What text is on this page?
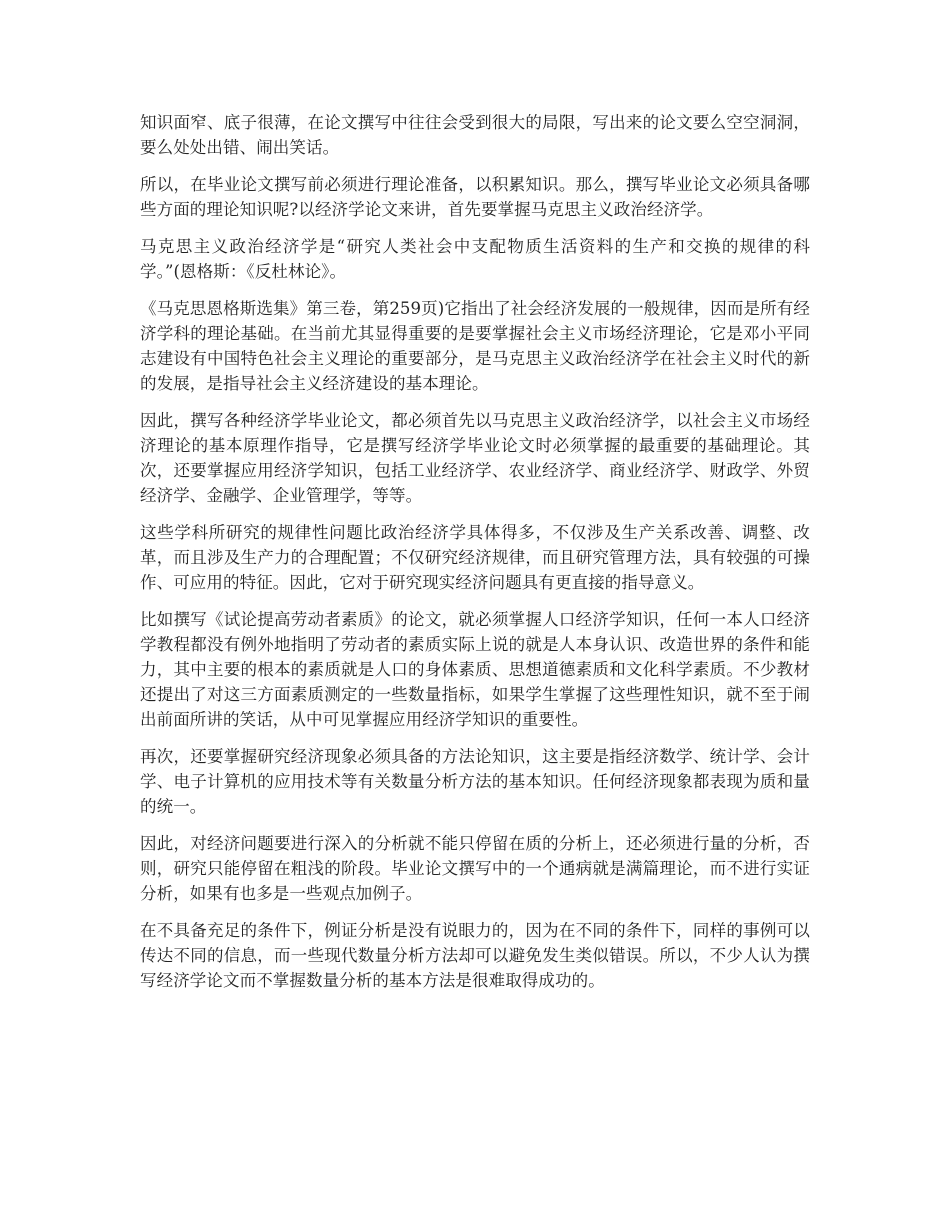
知识面窄、底子很薄，在论文撰写中往往会受到很大的局限，写出来的论文要么空空洞洞，要么处处出错、闹出笑话。

所以，在毕业论文撰写前必须进行理论准备，以积累知识。那么，撰写毕业论文必须具备哪些方面的理论知识呢?以经济学论文来讲，首先要掌握马克思主义政治经济学。

马克思主义政治经济学是“研究人类社会中支配物质生活资料的生产和交换的规律的科学。”(恩格斯：《反杜林论》。

《马克思恩格斯选集》第三卷，第259页)它指出了社会经济发展的一般规律，因而是所有经济学科的理论基础。在当前尤其显得重要的是要掌握社会主义市场经济理论，它是邓小平同志建设有中国特色社会主义理论的重要部分，是马克思主义政治经济学在社会主义时代的新的发展，是指导社会主义经济建设的基本理论。

因此，撰写各种经济学毕业论文，都必须首先以马克思主义政治经济学，以社会主义市场经济理论的基本原理作指导，它是撰写经济学毕业论文时必须掌握的最重要的基础理论。其次，还要掌握应用经济学知识，包括工业经济学、农业经济学、商业经济学、财政学、外贸经济学、金融学、企业管理学，等等。

这些学科所研究的规律性问题比政治经济学具体得多，不仅涉及生产关系改善、调整、改革，而且涉及生产力的合理配置；不仅研究经济规律，而且研究管理方法，具有较强的可操作、可应用的特征。因此，它对于研究现实经济问题具有更直接的指导意义。

比如撰写《试论提高劳动者素质》的论文，就必须掌握人口经济学知识，任何一本人口经济学教程都没有例外地指明了劳动者的素质实际上说的就是人本身认识、改造世界的条件和能力，其中主要的根本的素质就是人口的身体素质、思想道德素质和文化科学素质。不少教材还提出了对这三方面素质测定的一些数量指标，如果学生掌握了这些理性知识，就不至于闹出前面所讲的笑话，从中可见掌握应用经济学知识的重要性。

再次，还要掌握研究经济现象必须具备的方法论知识，这主要是指经济数学、统计学、会计学、电子计算机的应用技术等有关数量分析方法的基本知识。任何经济现象都表现为质和量的统一。

因此，对经济问题要进行深入的分析就不能只停留在质的分析上，还必须进行量的分析，否则，研究只能停留在粗浅的阶段。毕业论文撰写中的一个通病就是满篇理论，而不进行实证分析，如果有也多是一些观点加例子。

在不具备充足的条件下，例证分析是没有说眼力的，因为在不同的条件下，同样的事例可以传达不同的信息，而一些现代数量分析方法却可以避免发生类似错误。所以，不少人认为撰写经济学论文而不掌握数量分析的基本方法是很难取得成功的。
